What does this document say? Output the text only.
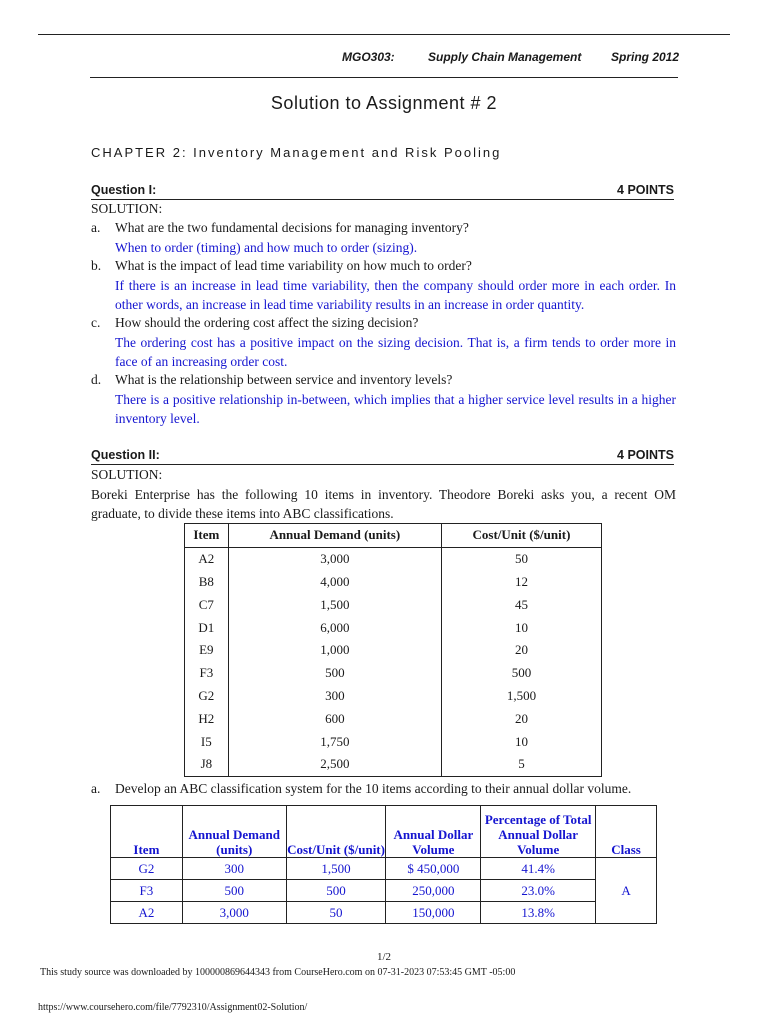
MGO303:	Supply Chain Management Spring 2012
Solution to Assignment # 2
CHAPTER 2: Inventory Management and Risk Pooling
Question I:	4 POINTS
SOLUTION:
a. What are the two fundamental decisions for managing inventory?
When to order (timing) and how much to order (sizing).
b. What is the impact of lead time variability on how much to order?
If there is an increase in lead time variability, then the company should order more in each order. In other words, an increase in lead time variability results in an increase in order quantity.
c. How should the ordering cost affect the sizing decision?
The ordering cost has a positive impact on the sizing decision. That is, a firm tends to order more in face of an increasing order cost.
d. What is the relationship between service and inventory levels?
There is a positive relationship in-between, which implies that a higher service level results in a higher inventory level.
Question II:	4 POINTS
SOLUTION:
Boreki Enterprise has the following 10 items in inventory. Theodore Boreki asks you, a recent OM graduate, to divide these items into ABC classifications.
Item	Annual Demand (units)	Cost/Unit ($/unit)
A2	3,000	50
B8	4,000	12
C7	1,500	45
D1	6,000	10
E9	1,000	20
F3	500	500
G2	300	1,500
H2	600	20
I5	1,750	10
J8	2,500	5
a. Develop an ABC classification system for the 10 items according to their annual dollar volume.
Item	Annual Demand (units)	Cost/Unit ($/unit)	Annual Dollar Volume	Percentage of Total Annual Dollar Volume	Class
G2	300	1,500	$ 450,000	41.4%	A
F3	500	500	250,000	23.0%	
A2	3,000	50	150,000	13.8%	
1/2
This study source was downloaded by 100000869644343 from CourseHero.com on 07-31-2023 07:53:45 GMT -05:00
https://www.coursehero.com/file/7792310/Assignment02-Solution/
